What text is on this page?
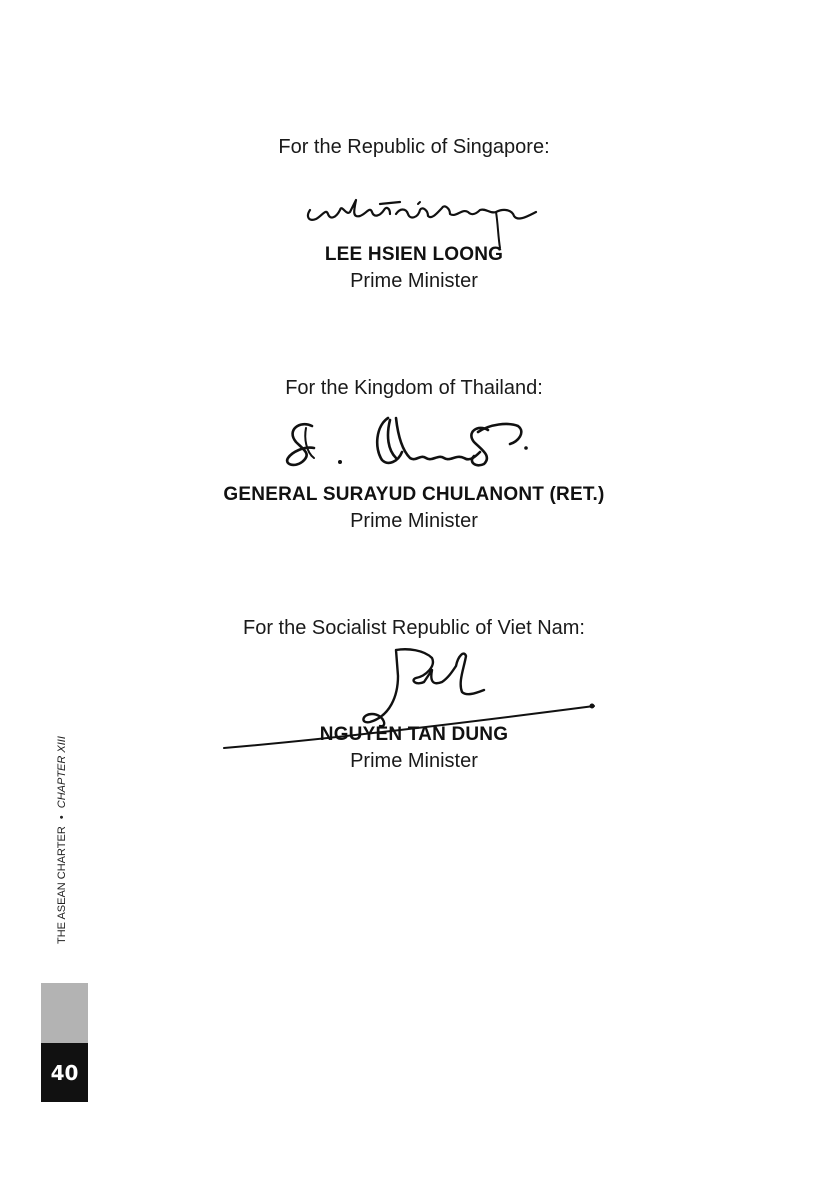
For the Republic of Singapore:
LEE HSIEN LOONG
Prime Minister
For the Kingdom of Thailand:
GENERAL SURAYUD CHULANONT (RET.)
Prime Minister
For the Socialist Republic of Viet Nam:
NGUYEN TAN DUNG
Prime Minister
THE ASEAN CHARTER • CHAPTER XIII
40
